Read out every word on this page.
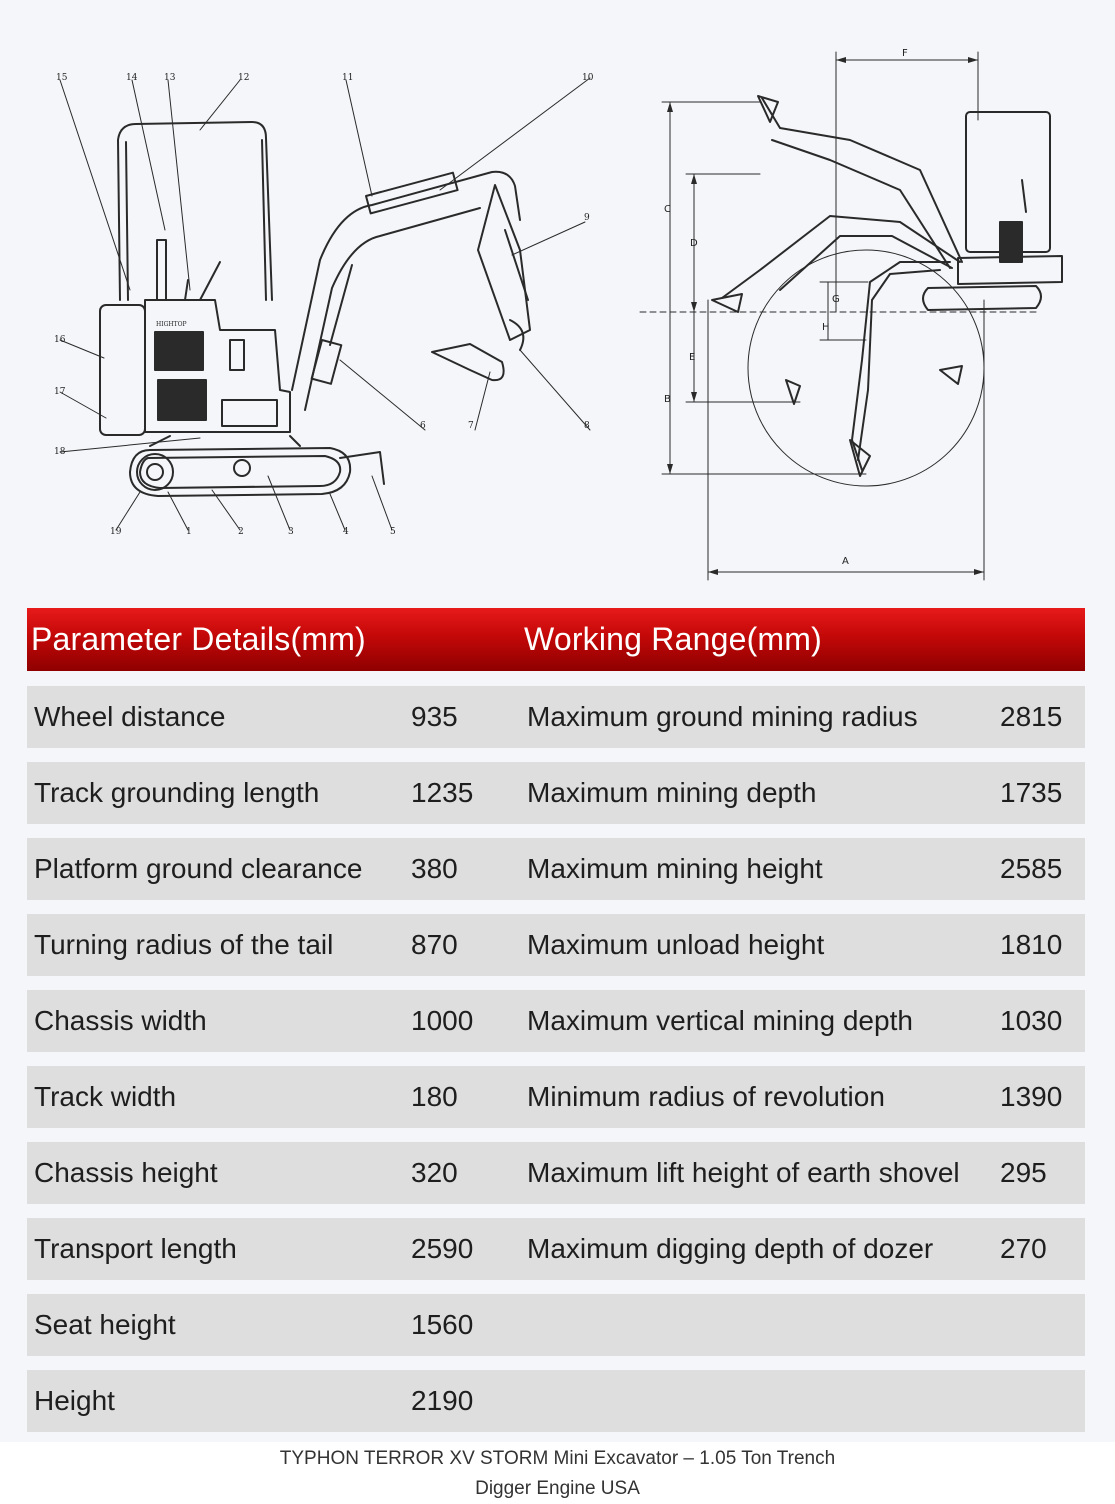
15	14	13	12	11	10
9
8
7
6
16
17
18
19	1	2	3	4	5
HIGHTOP
F
C
D
G
H
E
B
A
Parameter Details(mm)	Working Range(mm)
Wheel distance	935 Maximum ground mining radius	2815
Track grounding length	1235 Maximum mining depth	1735
Platform ground clearance 380 Maximum mining height	2585
Turning radius of the tail	870 Maximum unload height	1810
Chassis width	1000 Maximum vertical mining depth	1030
Track width	180 Minimum radius of revolution	1390
Chassis height	320 Maximum lift height of earth shovel 295
Transport length	2590 Maximum digging depth of dozer 270
Seat height	1560
Height	2190
TYPHON TERROR XV STORM Mini Excavator – 1.05 Ton Trench
Digger Engine USA
